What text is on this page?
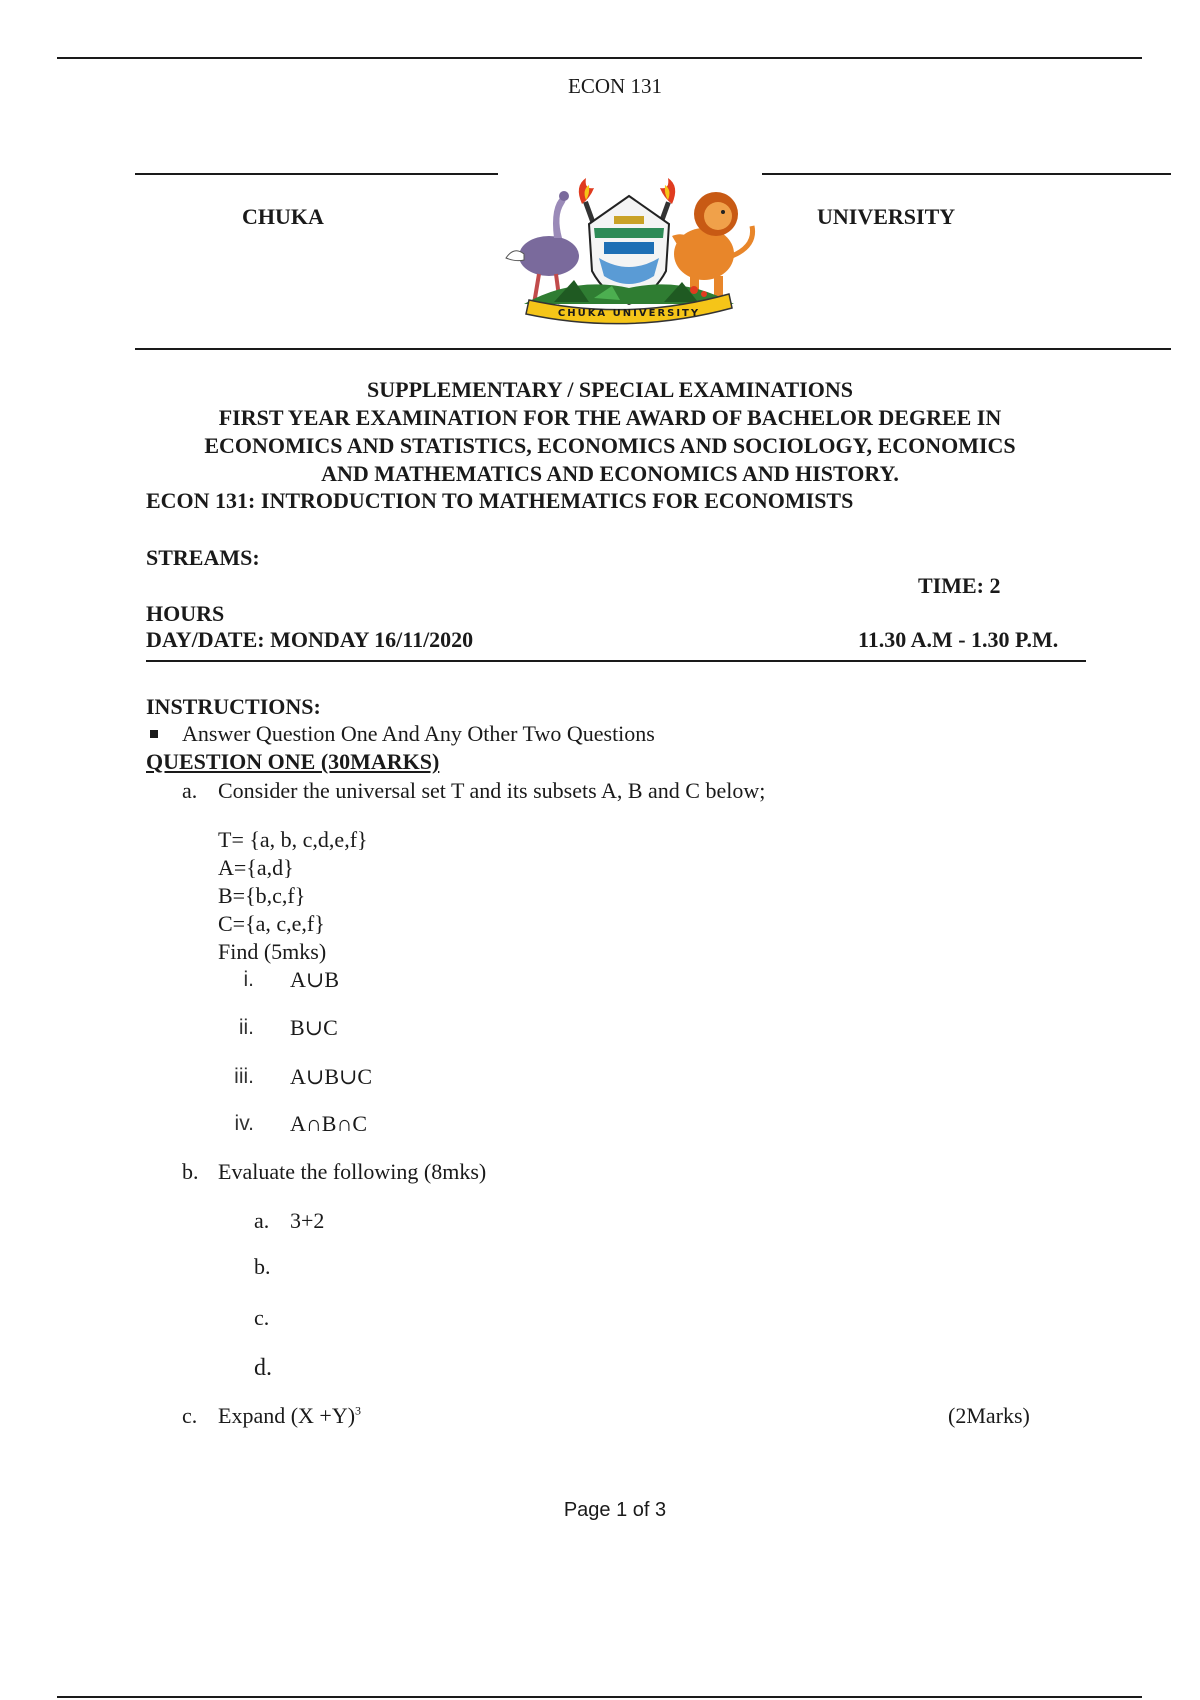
ECON 131
CHUKA	UNIVERSITY
CHUKA UNIVERSITY
SUPPLEMENTARY / SPECIAL EXAMINATIONS
FIRST YEAR EXAMINATION FOR THE AWARD OF BACHELOR DEGREE IN
ECONOMICS AND STATISTICS, ECONOMICS AND SOCIOLOGY, ECONOMICS
AND MATHEMATICS AND ECONOMICS AND HISTORY.
ECON 131: INTRODUCTION TO MATHEMATICS FOR ECONOMISTS
STREAMS:
TIME: 2
HOURS
DAY/DATE: MONDAY 16/11/2020	11.30 A.M - 1.30 P.M.
INSTRUCTIONS:
Answer Question One And Any Other Two Questions
QUESTION ONE (30MARKS)
a. Consider the universal set T and its subsets A, B and C below;
T= {a, b, c,d,e,f}
A={a,d}
B={b,c,f}
C={a, c,e,f}
Find (5mks)
i. A∪B
ii. B∪C
iii. A∪B∪C
iv. A∩B∩C
b. Evaluate the following (8mks)
a. 3+2
b.
c.
d.
c. Expand $(X +Y)^3$	(2Marks)
Page 1 of 3
